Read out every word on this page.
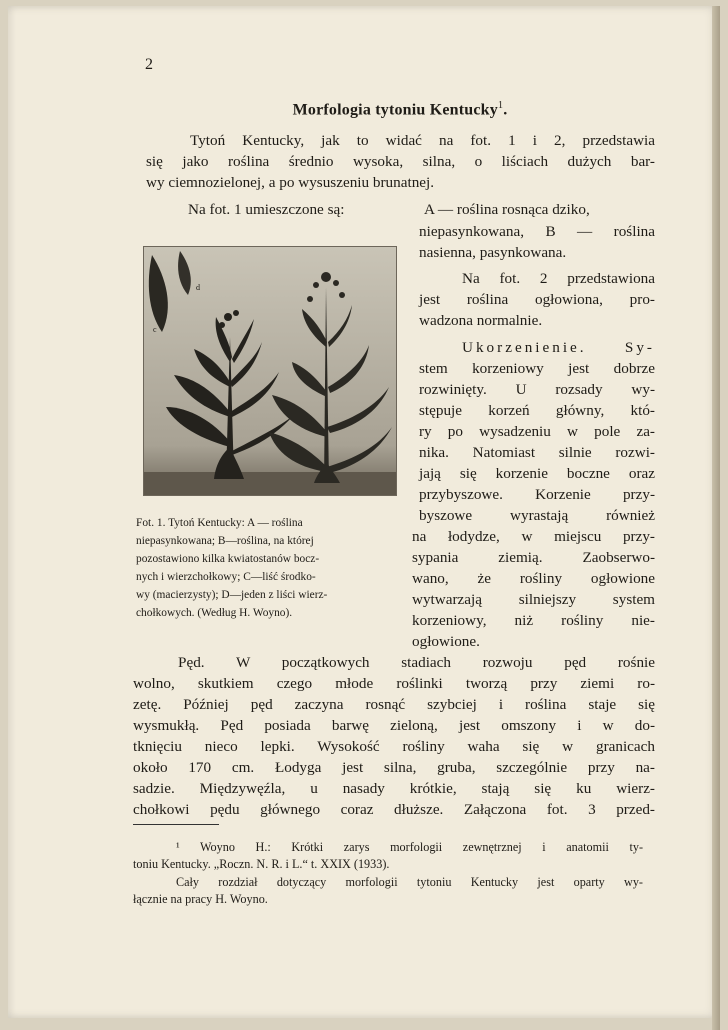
2
Morfologia tytoniu Kentucky$^1$.
Tytoń Kentucky, jak to widać na fot. 1 i 2, przedstawia
się jako roślina średnio wysoka, silna, o liściach dużych bar-
wy ciemnozielonej, a po wysuszeniu brunatnej.
Na fot. 1 umieszczone są:	A — roślina rosnąca dziko,
niepasynkowana, B — roślina
nasienna, pasynkowana.
Na fot. 2 przedstawiona
jest roślina ogłowiona, pro-
wadzona normalnie.
Ukorzenienie. Sy-
stem korzeniowy jest dobrze
rozwinięty. U rozsady wy-
stępuje korzeń główny, któ-
ry po wysadzeniu w pole za-
nika. Natomiast silnie rozwi-
jają się korzenie boczne oraz
przybyszowe. Korzenie przy-
byszowe wyrastają również
na łodydze, w miejscu przy-
sypania ziemią. Zaobserwo-
wano, że rośliny ogłowione
wytwarzają silniejszy system
korzeniowy, niż rośliny nie-
ogłowione.
d
c
Fot. 1. Tytoń Kentucky: A — roślina
niepasynkowana; B—roślina, na której
pozostawiono kilka kwiatostanów bocz-
nych i wierzchołkowy; C—liść środko-
wy (macierzysty); D—jeden z liści wierz-
chołkowych. (Według H. Woyno).
Pęd. W początkowych stadiach rozwoju pęd rośnie
wolno, skutkiem czego młode roślinki tworzą przy ziemi ro-
zetę. Później pęd zaczyna rosnąć szybciej i roślina staje się
wysmukłą. Pęd posiada barwę zieloną, jest omszony i w do-
tknięciu nieco lepki. Wysokość rośliny waha się w granicach
około 170 cm. Łodyga jest silna, gruba, szczególnie przy na-
sadzie. Międzywęźla, u nasady krótkie, stają się ku wierz-
chołkowi pędu głównego coraz dłuższe. Załączona fot. 3 przed-
¹ Woyno H.: Krótki zarys morfologii zewnętrznej i anatomii ty-
toniu Kentucky. „Roczn. N. R. i L.“ t. XXIX (1933).
Cały rozdział dotyczący morfologii tytoniu Kentucky jest oparty wy-
łącznie na pracy H. Woyno.
